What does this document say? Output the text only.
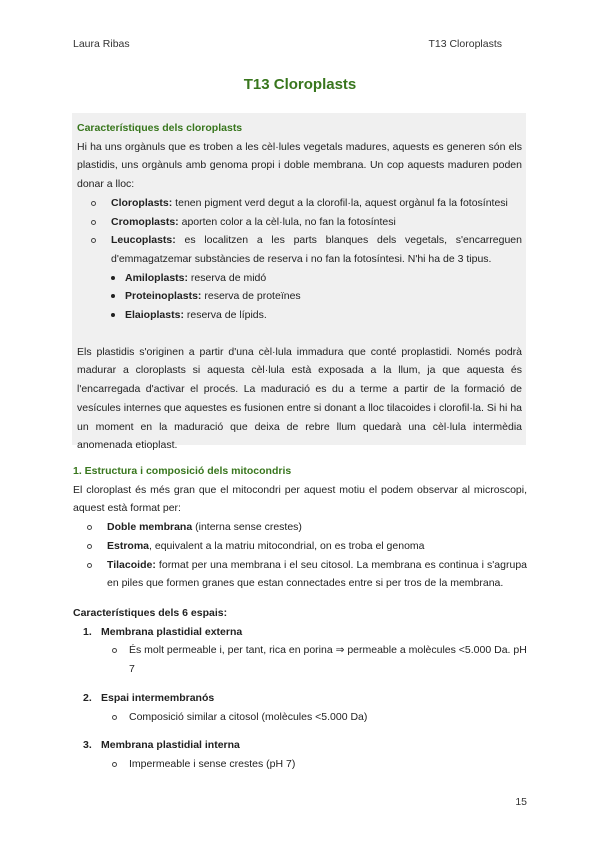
Laura Ribas	T13 Cloroplasts
T13 Cloroplasts
Característiques dels cloroplasts

Hi ha uns orgànuls que es troben a les cèl·lules vegetals madures, aquests es generen són els plastidis, uns orgànuls amb genoma propi i doble membrana. Un cop aquests maduren poden donar a lloc:

Cloroplasts: tenen pigment verd degut a la clorofil·la, aquest orgànul fa la fotosíntesi
Cromoplasts: aporten color a la cèl·lula, no fan la fotosíntesi
Leucoplasts: es localitzen a les parts blanques dels vegetals, s'encarreguen d'emmagatzemar substàncies de reserva i no fan la fotosíntesi. N'hi ha de 3 tipus.
Amiloplasts: reserva de midó
Proteinoplasts: reserva de proteïnes
Elaioplasts: reserva de lípids.

Els plastidis s'originen a partir d'una cèl·lula immadura que conté proplastidi. Només podrà madurar a cloroplasts si aquesta cèl·lula està exposada a la llum, ja que aquesta és l'encarregada d'activar el procés. La maduració es du a terme a partir de la formació de vesícules internes que aquestes es fusionen entre si donant a lloc tilacoides i clorofil·la. Si hi ha un moment en la maduració que deixa de rebre llum quedarà una cèl·lula intermèdia anomenada etioplast.

1. Estructura i composició dels mitocondris

El cloroplast és més gran que el mitocondri per aquest motiu el podem observar al microscopi, aquest està format per:

Doble membrana (interna sense crestes)
Estroma, equivalent a la matriu mitocondrial, on es troba el genoma
Tilacoide: format per una membrana i el seu citosol. La membrana es continua i s'agrupa en piles que formen granes que estan connectades entre si per tros de la membrana.

Característiques dels 6 espais:

1. Membrana plastidial externa
És molt permeable i, per tant, rica en porina ⇒ permeable a molècules <5.000 Da. pH 7
2. Espai intermembranós
Composició similar a citosol (molècules <5.000 Da)
3. Membrana plastidial interna
Impermeable i sense crestes (pH 7)
15
